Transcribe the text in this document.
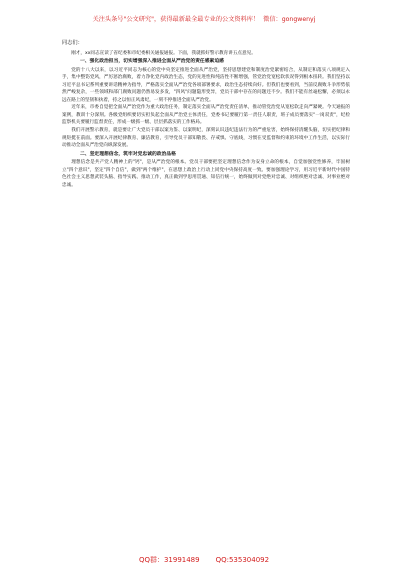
关注头条号"公文研究"，获得最新最全最专业的公文资料库！ 微信：gongwenyj

同志们：

刚才，xx同志宣读了省纪委和市纪委相关通报通报。下面，我就抓好警示教育讲五点意见。

一、强化政治担当，切实增强深入推进全面从严治党的责任感紧迫感

党的十八大以来，以习近平同志为核心的党中央坚定推进全面从严治党，坚持思想建党和制度治党紧密结合，从制定和落实八项规定入手，集中整饬党风，严厉惩治腐败，着力净化党内政治生态，党的先进性和纯洁性不断增强，管党治党宽松软状况得到根本扭转。我们坚持以习近平总书记系列重要讲话精神为指导，严格落实全面从严治党各项部署要求，政治生态持续向好。但我们也要看到，当前反腐败斗争形势依然严峻复杂，一些领域和部门腐败问题仍然易发多发，"四风"问题隐形变异，党员干部中存在的问题还不少。我们不能有丝毫松懈，必须以永远在路上的坚韧和执着，持之以恒正风肃纪，一刻不停推进全面从严治党。

近年来，市委自觉把全面从严治党作为重大政治任务，制定落实全面从严治党责任清单，推动管党治党从宽松软走向严紧硬。今天通报的案例，教训十分深刻。各级党组织要切实担负起全面从严治党主体责任，党委书记要履行第一责任人职责，班子成员要落实"一岗双责"，纪检监察机关要履行监督责任，形成一级抓一级、层层抓落实的工作格局。

我们开展警示教育，就是要让广大党员干部以案为鉴、以案明纪，深刻认识违纪违法行为的严重危害，始终保持清醒头脑，切实把纪律和规矩挺在前面。要深入开展纪律教育、廉洁教育，引导党员干部知敬畏、存戒惧、守底线，习惯在受监督和约束的环境中工作生活，以实际行动推动全面从严治党向纵深发展。

二、坚定理想信念，筑牢对党忠诚的政治品格

理想信念是共产党人精神上的"钙"，是从严治党的根本。党员干部要把坚定理想信念作为安身立命的根本，自觉加强党性修养，牢固树立"四个意识"，坚定"四个自信"，做到"两个维护"，在思想上政治上行动上同党中央保持高度一致。要加强理论学习，用习近平新时代中国特色社会主义思想武装头脑、指导实践、推动工作，真正做到学思用贯通、知信行统一，始终做到对党绝对忠诚、对组织绝对忠诚、对事业绝对忠诚。

QQ群：31991489 QQ:535304092
